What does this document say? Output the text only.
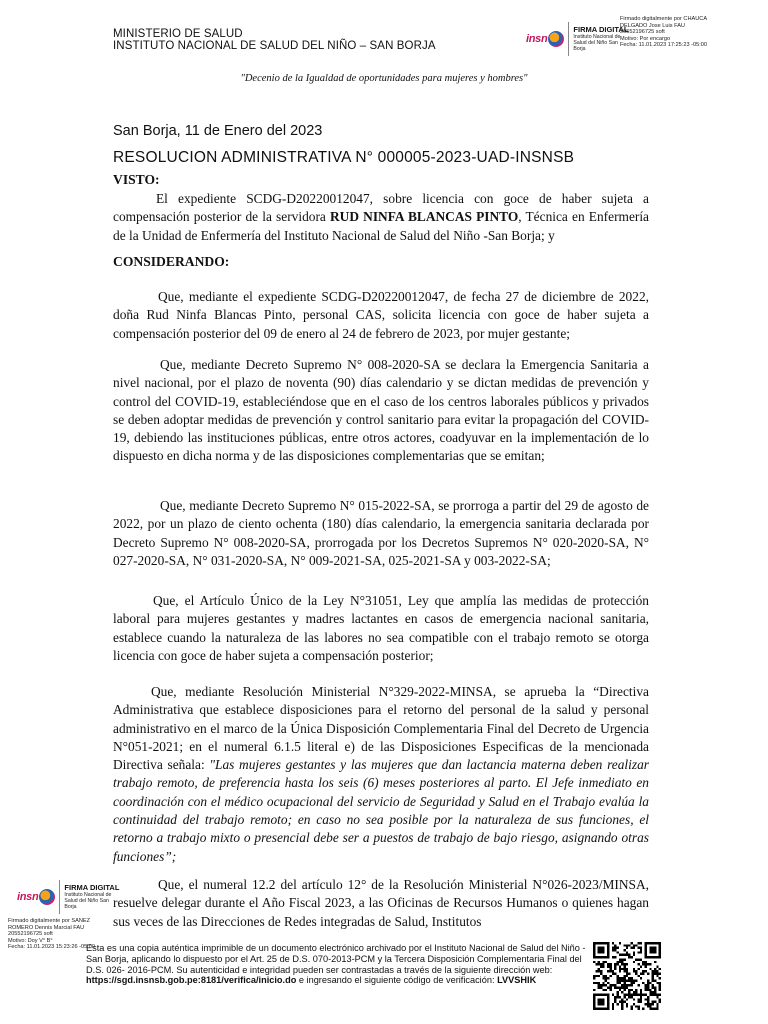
MINISTERIO DE SALUD
INSTITUTO NACIONAL DE SALUD DEL NIÑO – SAN BORJA
"Decenio de la Igualdad de oportunidades para mujeres y hombres"
insn
FIRMA DIGITAL
Instituto Nacional de
Salud del Niño San
Borja
Firmado digitalmente por CHAUCA
DELGADO Jose Luis FAU
20552196725 soft
Motivo: Por encargo
Fecha: 11.01.2023 17:25:23 -05:00
San Borja, 11 de Enero del 2023
RESOLUCION ADMINISTRATIVA N° 000005-2023-UAD-INSNSB
VISTO:
El expediente SCDG-D20220012047, sobre licencia con goce de haber sujeta a compensación posterior de la servidora RUD NINFA BLANCAS PINTO, Técnica en Enfermería de la Unidad de Enfermería del Instituto Nacional de Salud del Niño -San Borja; y
CONSIDERANDO:
Que, mediante el expediente SCDG-D20220012047, de fecha 27 de diciembre de 2022, doña Rud Ninfa Blancas Pinto, personal CAS, solicita licencia con goce de haber sujeta a compensación posterior del 09 de enero al 24 de febrero de 2023, por mujer gestante;
Que, mediante Decreto Supremo N° 008-2020-SA se declara la Emergencia Sanitaria a nivel nacional, por el plazo de noventa (90) días calendario y se dictan medidas de prevención y control del COVID-19, estableciéndose que en el caso de los centros laborales públicos y privados se deben adoptar medidas de prevención y control sanitario para evitar la propagación del COVID-19, debiendo las instituciones públicas, entre otros actores, coadyuvar en la implementación de lo dispuesto en dicha norma y de las disposiciones complementarias que se emitan;
Que, mediante Decreto Supremo N° 015-2022-SA, se prorroga a partir del 29 de agosto de 2022, por un plazo de ciento ochenta (180) días calendario, la emergencia sanitaria declarada por Decreto Supremo N° 008-2020-SA, prorrogada por los Decretos Supremos N° 020-2020-SA, N° 027-2020-SA, N° 031-2020-SA, N° 009-2021-SA, 025-2021-SA y 003-2022-SA;
Que, el Artículo Único de la Ley N°31051, Ley que amplía las medidas de protección laboral para mujeres gestantes y madres lactantes en casos de emergencia nacional sanitaria, establece cuando la naturaleza de las labores no sea compatible con el trabajo remoto se otorga licencia con goce de haber sujeta a compensación posterior;
Que, mediante Resolución Ministerial N°329-2022-MINSA, se aprueba la “Directiva Administrativa que establece disposiciones para el retorno del personal de la salud y personal administrativo en el marco de la Única Disposición Complementaria Final del Decreto de Urgencia N°051-2021; en el numeral 6.1.5 literal e) de las Disposiciones Especificas de la mencionada Directiva señala: "Las mujeres gestantes y las mujeres que dan lactancia materna deben realizar trabajo remoto, de preferencia hasta los seis (6) meses posteriores al parto. El Jefe inmediato en coordinación con el médico ocupacional del servicio de Seguridad y Salud en el Trabajo evalúa la continuidad del trabajo remoto; en caso no sea posible por la naturaleza de sus funciones, el retorno a trabajo mixto o presencial debe ser a puestos de trabajo de bajo riesgo, asignando otras funciones”;
Que, el numeral 12.2 del artículo 12° de la Resolución Ministerial N°026-2023/MINSA, resuelve delegar durante el Año Fiscal 2023, a las Oficinas de Recursos Humanos o quienes hagan sus veces de las Direcciones de Redes integradas de Salud, Institutos
insn
FIRMA DIGITAL
Instituto Nacional de
Salud del Niño San
Borja
Firmado digitalmente por SANEZ
ROMERO Dennis Marcial FAU
20552196725 soft
Motivo: Doy V° B°
Fecha: 11.01.2023 15:23:26 -05:00
Esta es una copia auténtica imprimible de un documento electrónico archivado por el Instituto Nacional de Salud del Niño - San Borja, aplicando lo dispuesto por el Art. 25 de D.S. 070-2013-PCM y la Tercera Disposición Complementaria Final del D.S. 026- 2016-PCM. Su autenticidad e integridad pueden ser contrastadas a través de la siguiente dirección web: https://sgd.insnsb.gob.pe:8181/verifica/inicio.do e ingresando el siguiente código de verificación: LVVSHIK
